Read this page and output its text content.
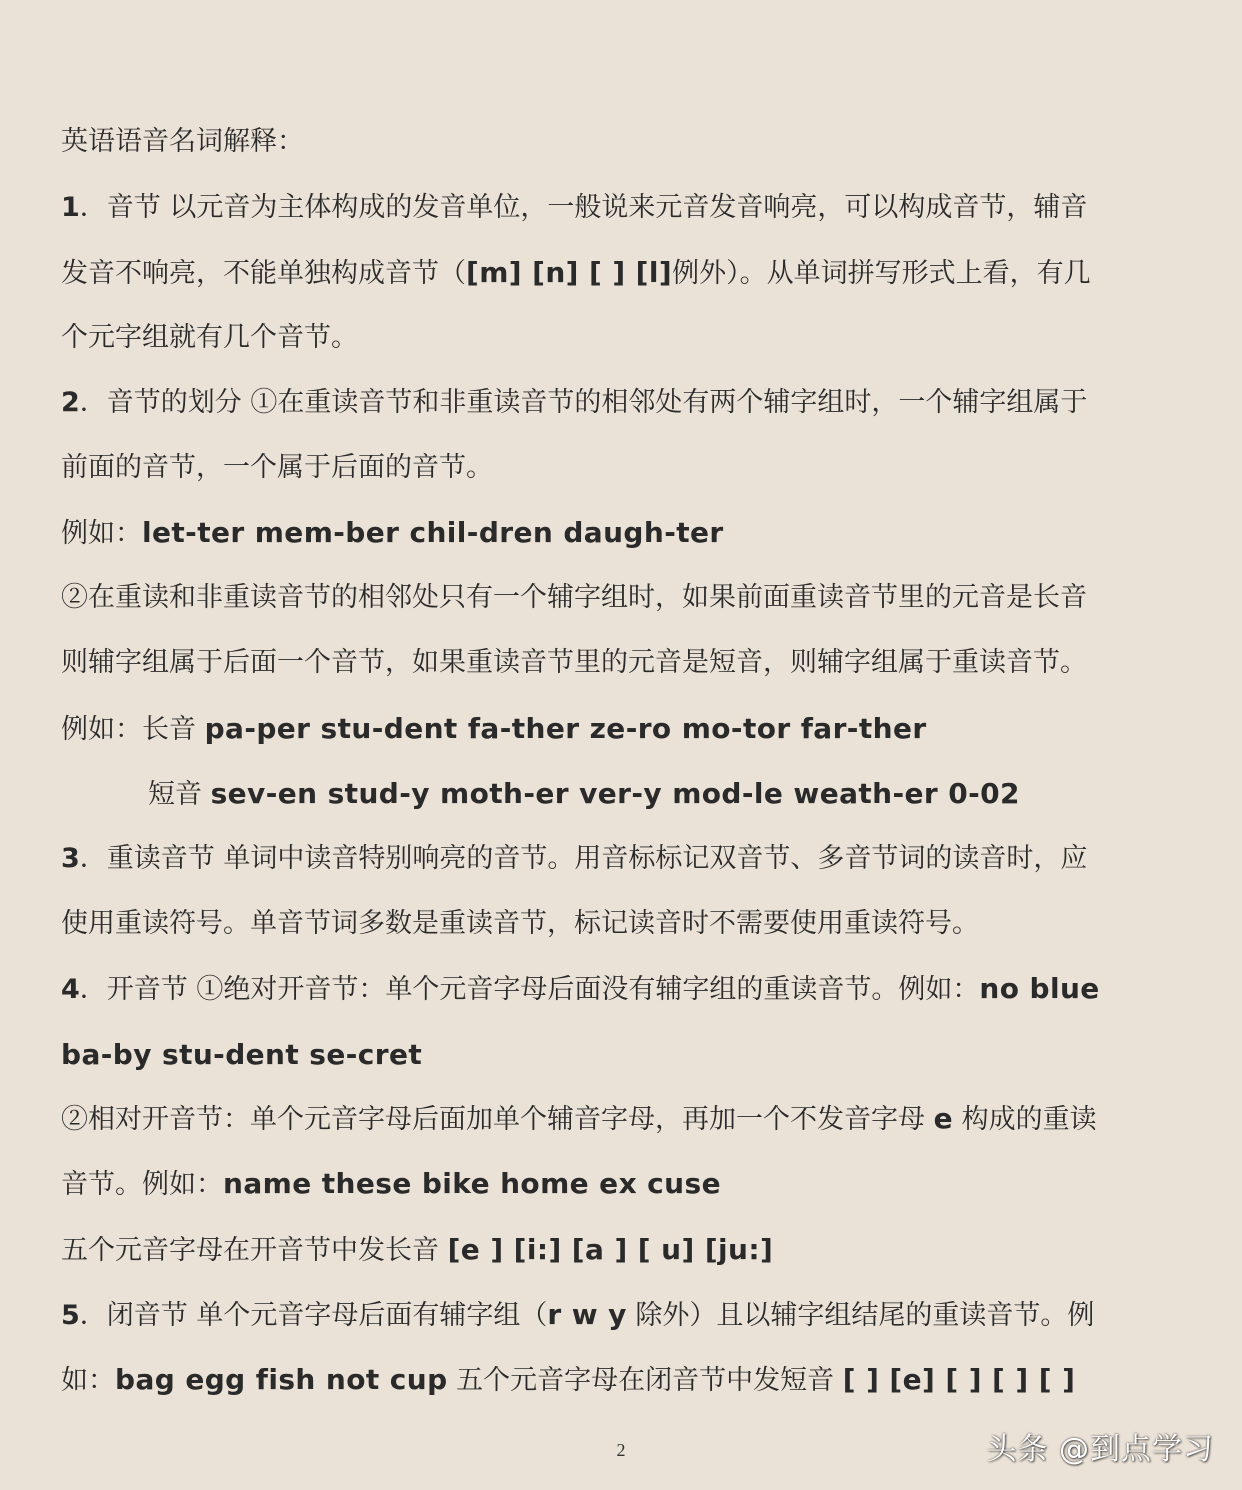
英语语音名词解释：
1．音节 以元音为主体构成的发音单位，一般说来元音发音响亮，可以构成音节，辅音
发音不响亮，不能单独构成音节（[m] [n] [ ] [l]例外）。从单词拼写形式上看，有几
个元字组就有几个音节。
2．音节的划分 ①在重读音节和非重读音节的相邻处有两个辅字组时，一个辅字组属于
前面的音节，一个属于后面的音节。
例如：let-ter mem-ber chil-dren daugh-ter
②在重读和非重读音节的相邻处只有一个辅字组时，如果前面重读音节里的元音是长音
则辅字组属于后面一个音节，如果重读音节里的元音是短音，则辅字组属于重读音节。
例如：长音 pa-per stu-dent fa-ther ze-ro mo-tor far-ther
短音 sev-en stud-y moth-er ver-y mod-le weath-er 0-02
3．重读音节 单词中读音特别响亮的音节。用音标标记双音节、多音节词的读音时，应
使用重读符号。单音节词多数是重读音节，标记读音时不需要使用重读符号。
4．开音节 ①绝对开音节：单个元音字母后面没有辅字组的重读音节。例如：no blue
ba-by stu-dent se-cret
②相对开音节：单个元音字母后面加单个辅音字母，再加一个不发音字母 e 构成的重读
音节。例如：name these bike home ex cuse
五个元音字母在开音节中发长音 [e ] [i:] [a ] [ u] [ju:]
5．闭音节 单个元音字母后面有辅字组（r w y 除外）且以辅字组结尾的重读音节。例
如：bag egg fish not cup 五个元音字母在闭音节中发短音 [ ] [e] [ ] [ ] [ ]
2	头条 @到点学习
